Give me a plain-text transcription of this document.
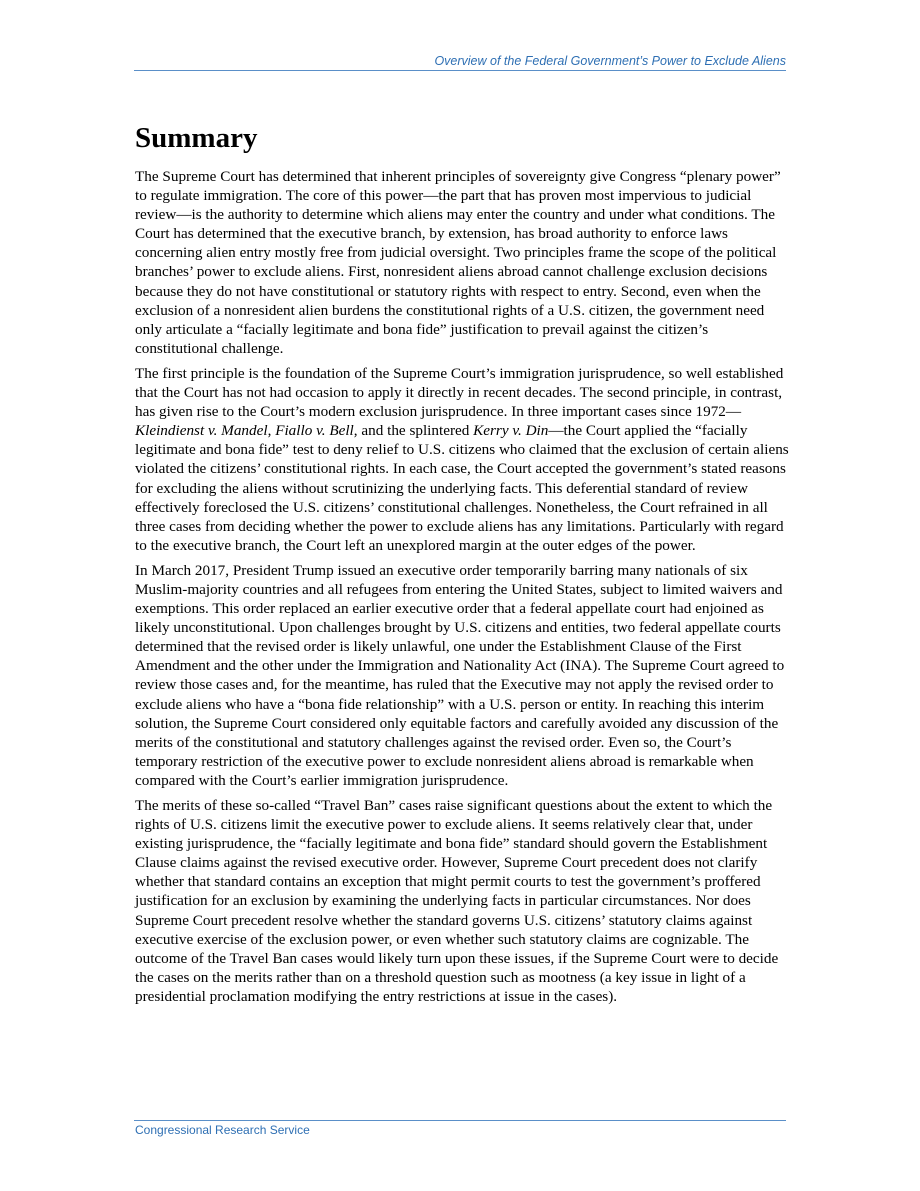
Overview of the Federal Government’s Power to Exclude Aliens
Summary

The Supreme Court has determined that inherent principles of sovereignty give Congress “plenary power” to regulate immigration. The core of this power—the part that has proven most impervious to judicial review—is the authority to determine which aliens may enter the country and under what conditions. The Court has determined that the executive branch, by extension, has broad authority to enforce laws concerning alien entry mostly free from judicial oversight. Two principles frame the scope of the political branches’ power to exclude aliens. First, nonresident aliens abroad cannot challenge exclusion decisions because they do not have constitutional or statutory rights with respect to entry. Second, even when the exclusion of a nonresident alien burdens the constitutional rights of a U.S. citizen, the government need only articulate a “facially legitimate and bona fide” justification to prevail against the citizen’s constitutional challenge.

The first principle is the foundation of the Supreme Court’s immigration jurisprudence, so well established that the Court has not had occasion to apply it directly in recent decades. The second principle, in contrast, has given rise to the Court’s modern exclusion jurisprudence. In three important cases since 1972—Kleindienst v. Mandel, Fiallo v. Bell, and the splintered Kerry v. Din—the Court applied the “facially legitimate and bona fide” test to deny relief to U.S. citizens who claimed that the exclusion of certain aliens violated the citizens’ constitutional rights. In each case, the Court accepted the government’s stated reasons for excluding the aliens without scrutinizing the underlying facts. This deferential standard of review effectively foreclosed the U.S. citizens’ constitutional challenges. Nonetheless, the Court refrained in all three cases from deciding whether the power to exclude aliens has any limitations. Particularly with regard to the executive branch, the Court left an unexplored margin at the outer edges of the power.

In March 2017, President Trump issued an executive order temporarily barring many nationals of six Muslim-majority countries and all refugees from entering the United States, subject to limited waivers and exemptions. This order replaced an earlier executive order that a federal appellate court had enjoined as likely unconstitutional. Upon challenges brought by U.S. citizens and entities, two federal appellate courts determined that the revised order is likely unlawful, one under the Establishment Clause of the First Amendment and the other under the Immigration and Nationality Act (INA). The Supreme Court agreed to review those cases and, for the meantime, has ruled that the Executive may not apply the revised order to exclude aliens who have a “bona fide relationship” with a U.S. person or entity. In reaching this interim solution, the Supreme Court considered only equitable factors and carefully avoided any discussion of the merits of the constitutional and statutory challenges against the revised order. Even so, the Court’s temporary restriction of the executive power to exclude nonresident aliens abroad is remarkable when compared with the Court’s earlier immigration jurisprudence.

The merits of these so-called “Travel Ban” cases raise significant questions about the extent to which the rights of U.S. citizens limit the executive power to exclude aliens. It seems relatively clear that, under existing jurisprudence, the “facially legitimate and bona fide” standard should govern the Establishment Clause claims against the revised executive order. However, Supreme Court precedent does not clarify whether that standard contains an exception that might permit courts to test the government’s proffered justification for an exclusion by examining the underlying facts in particular circumstances. Nor does Supreme Court precedent resolve whether the standard governs U.S. citizens’ statutory claims against executive exercise of the exclusion power, or even whether such statutory claims are cognizable. The outcome of the Travel Ban cases would likely turn upon these issues, if the Supreme Court were to decide the cases on the merits rather than on a threshold question such as mootness (a key issue in light of a presidential proclamation modifying the entry restrictions at issue in the cases).

Congressional Research Service
